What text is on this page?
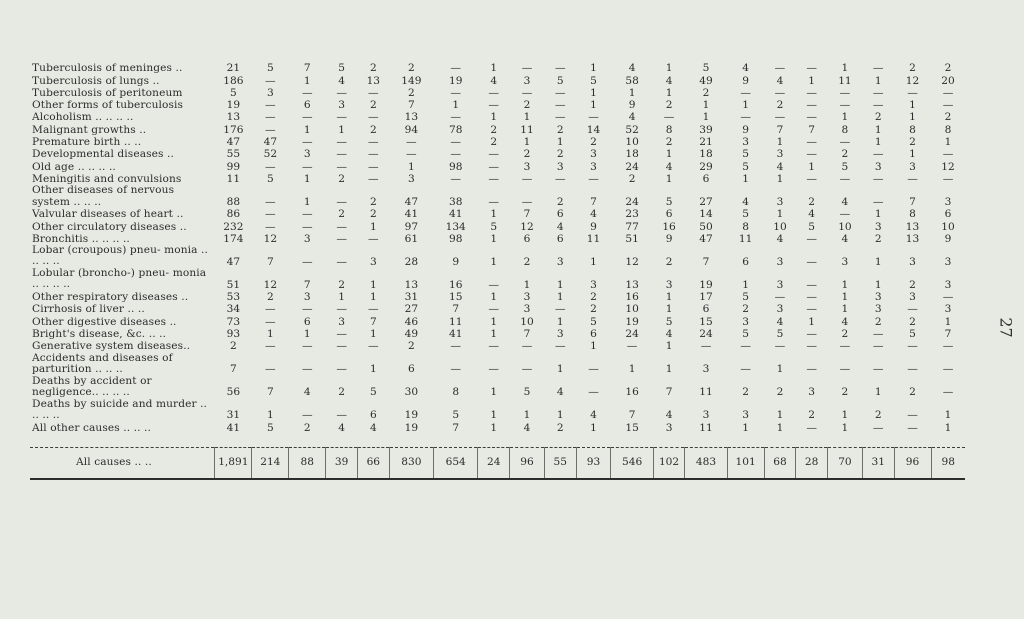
Tuberculosis of meninges ..	21	5	7	5	2	2	—	1	—	—	1	4	1	5	4	—	—	1	—	2	2
Tuberculosis of lungs ..	186	—	1	4	13	149	19	4	3	5	5	58	4	49	9	4	1	11	1	12	20
Tuberculosis of peritoneum	5	3	—	—	—	2	—	—	—	—	1	1	1	2	—	—	—	—	—	—	—
Other forms of tuberculosis	19	—	6	3	2	7	1	—	2	—	1	9	2	1	1	2	—	—	—	1	—
Alcoholism .. .. .. ..	13	—	—	—	—	13	—	1	1	—	—	4	—	1	—	—	—	1	2	1	2
Malignant growths ..	176	—	1	1	2	94	78	2	11	2	14	52	8	39	9	7	7	8	1	8	8
Premature birth .. ..	47	47	—	—	—	—	—	2	1	1	2	10	2	21	3	1	—	—	1	2	1
Developmental diseases ..	55	52	3	—	—	—	—	—	2	2	3	18	1	18	5	3	—	2	—	1	—
Old age .. .. .. ..	99	—	—	—	—	1	98	—	3	3	3	24	4	29	5	4	1	5	3	3	12
Meningitis and convulsions	11	5	1	2	—	3	—	—	—	—	—	2	1	6	1	1	—	—	—	—	—
Other diseases of nervous system .. .. ..	88	—	1	—	2	47	38	—	—	2	7	24	5	27	4	3	2	4	—	7	3
Valvular diseases of heart ..	86	—	—	2	2	41	41	1	7	6	4	23	6	14	5	1	4	—	1	8	6
Other circulatory diseases ..	232	—	—	—	1	97	134	5	12	4	9	77	16	50	8	10	5	10	3	13	10
Bronchitis .. .. .. ..	174	12	3	—	—	61	98	1	6	6	11	51	9	47	11	4	—	4	2	13	9
Lobar (croupous) pneu- monia .. .. .. ..	47	7	—	—	3	28	9	1	2	3	1	12	2	7	6	3	—	3	1	3	3
Lobular (broncho-) pneu- monia .. .. .. ..	51	12	7	2	1	13	16	—	1	1	3	13	3	19	1	3	—	1	1	2	3
Other respiratory diseases ..	53	2	3	1	1	31	15	1	3	1	2	16	1	17	5	—	—	1	3	3	—
Cirrhosis of liver .. ..	34	—	—	—	—	27	7	—	3	—	2	10	1	6	2	3	—	1	3	—	3
Other digestive diseases ..	73	—	6	3	7	46	11	1	10	1	5	19	5	15	3	4	1	4	2	2	1
Bright's disease, &c. .. ..	93	1	1	—	1	49	41	1	7	3	6	24	4	24	5	5	—	2	—	5	7
Generative system diseases..	2	—	—	—	—	2	—	—	—	—	1	—	1	—	—	—	—	—	—	—	—
Accidents and diseases of parturition .. .. ..	7	—	—	—	1	6	—	—	—	1	—	1	1	3	—	1	—	—	—	—	—
Deaths by accident or negligence.. .. .. ..	56	7	4	2	5	30	8	1	5	4	—	16	7	11	2	2	3	2	1	2	—
Deaths by suicide and murder .. .. .. ..	31	1	—	—	6	19	5	1	1	1	4	7	4	3	3	1	2	1	2	—	1
All other causes .. .. ..	41	5	2	4	4	19	7	1	4	2	1	15	3	11	1	1	—	1	—	—	1

All causes .. ..	1,891	214	88	39	66	830	654	24	96	55	93	546	102	483	101	68	28	70	31	96	98
27
